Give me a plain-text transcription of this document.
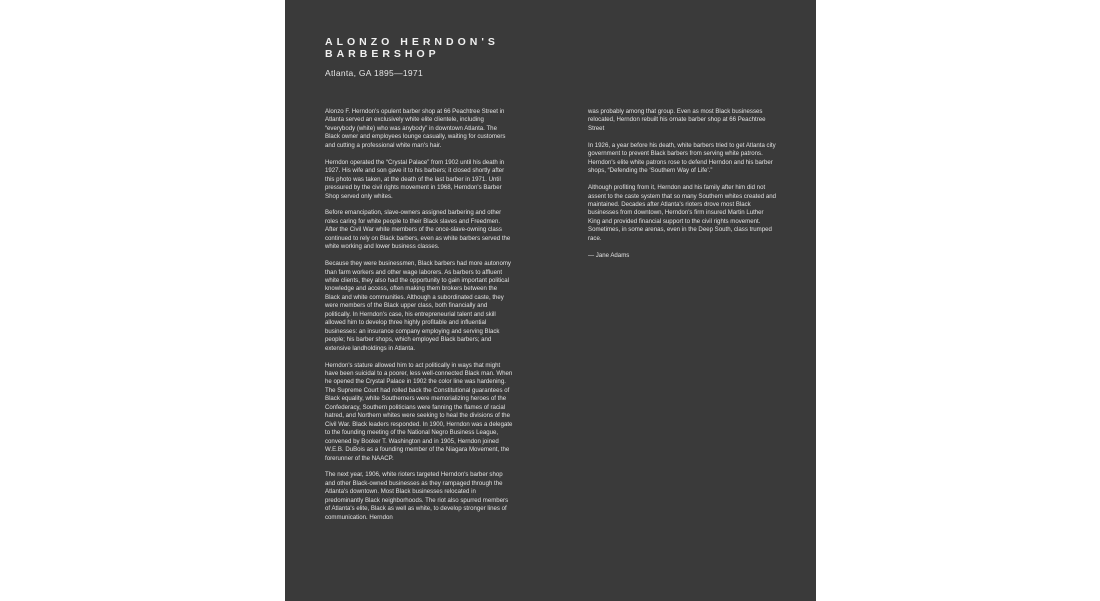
ALONZO HERNDON'S
BARBERSHOP
Atlanta, GA 1895—1971

Alonzo F. Herndon's opulent barber shop at 66 Peachtree Street in Atlanta served an exclusively white elite clientele, including “everybody (white) who was anybody” in downtown Atlanta. The Black owner and employees lounge casually, waiting for customers and cutting a professional white man's hair.

Herndon operated the “Crystal Palace” from 1902 until his death in 1927. His wife and son gave it to his barbers; it closed shortly after this photo was taken, at the death of the last barber in 1971. Until pressured by the civil rights movement in 1968, Herndon's Barber Shop served only whites.

Before emancipation, slave-owners assigned barbering and other roles caring for white people to their Black slaves and Freedmen. After the Civil War white members of the once-slave-owning class continued to rely on Black barbers, even as white barbers served the white working and lower business classes.

Because they were businessmen, Black barbers had more autonomy than farm workers and other wage laborers. As barbers to affluent white clients, they also had the opportunity to gain important political knowledge and access, often making them brokers between the Black and white communities. Although a subordinated caste, they were members of the Black upper class, both financially and politically. In Herndon's case, his entrepreneurial talent and skill allowed him to develop three highly profitable and influential businesses: an insurance company employing and serving Black people; his barber shops, which employed Black barbers; and extensive landholdings in Atlanta.

Herndon's stature allowed him to act politically in ways that might have been suicidal to a poorer, less well-connected Black man. When he opened the Crystal Palace in 1902 the color line was hardening. The Supreme Court had rolled back the Constitutional guarantees of Black equality, white Southerners were memorializing heroes of the Confederacy, Southern politicians were fanning the flames of racial hatred, and Northern whites were seeking to heal the divisions of the Civil War. Black leaders responded. In 1900, Herndon was a delegate to the founding meeting of the National Negro Business League, convened by Booker T. Washington and in 1905, Herndon joined W.E.B. DuBois as a founding member of the Niagara Movement, the forerunner of the NAACP.

The next year, 1906, white rioters targeted Herndon's barber shop and other Black-owned businesses as they rampaged through the Atlanta's downtown. Most Black businesses relocated in predominantly Black neighborhoods. The riot also spurred members of Atlanta's elite, Black as well as white, to develop stronger lines of communication. Herndon

was probably among that group. Even as most Black businesses relocated, Herndon rebuilt his ornate barber shop at 66 Peachtree Street

In 1926, a year before his death, white barbers tried to get Atlanta city government to prevent Black barbers from serving white patrons. Herndon's elite white patrons rose to defend Herndon and his barber shops, “Defending the ‘Southern Way of Life’.”

Although profiting from it, Herndon and his family after him did not assent to the caste system that so many Southern whites created and maintained. Decades after Atlanta's rioters drove most Black businesses from downtown, Herndon's firm insured Martin Luther King and provided financial support to the civil rights movement. Sometimes, in some arenas, even in the Deep South, class trumped race.

— Jane Adams
